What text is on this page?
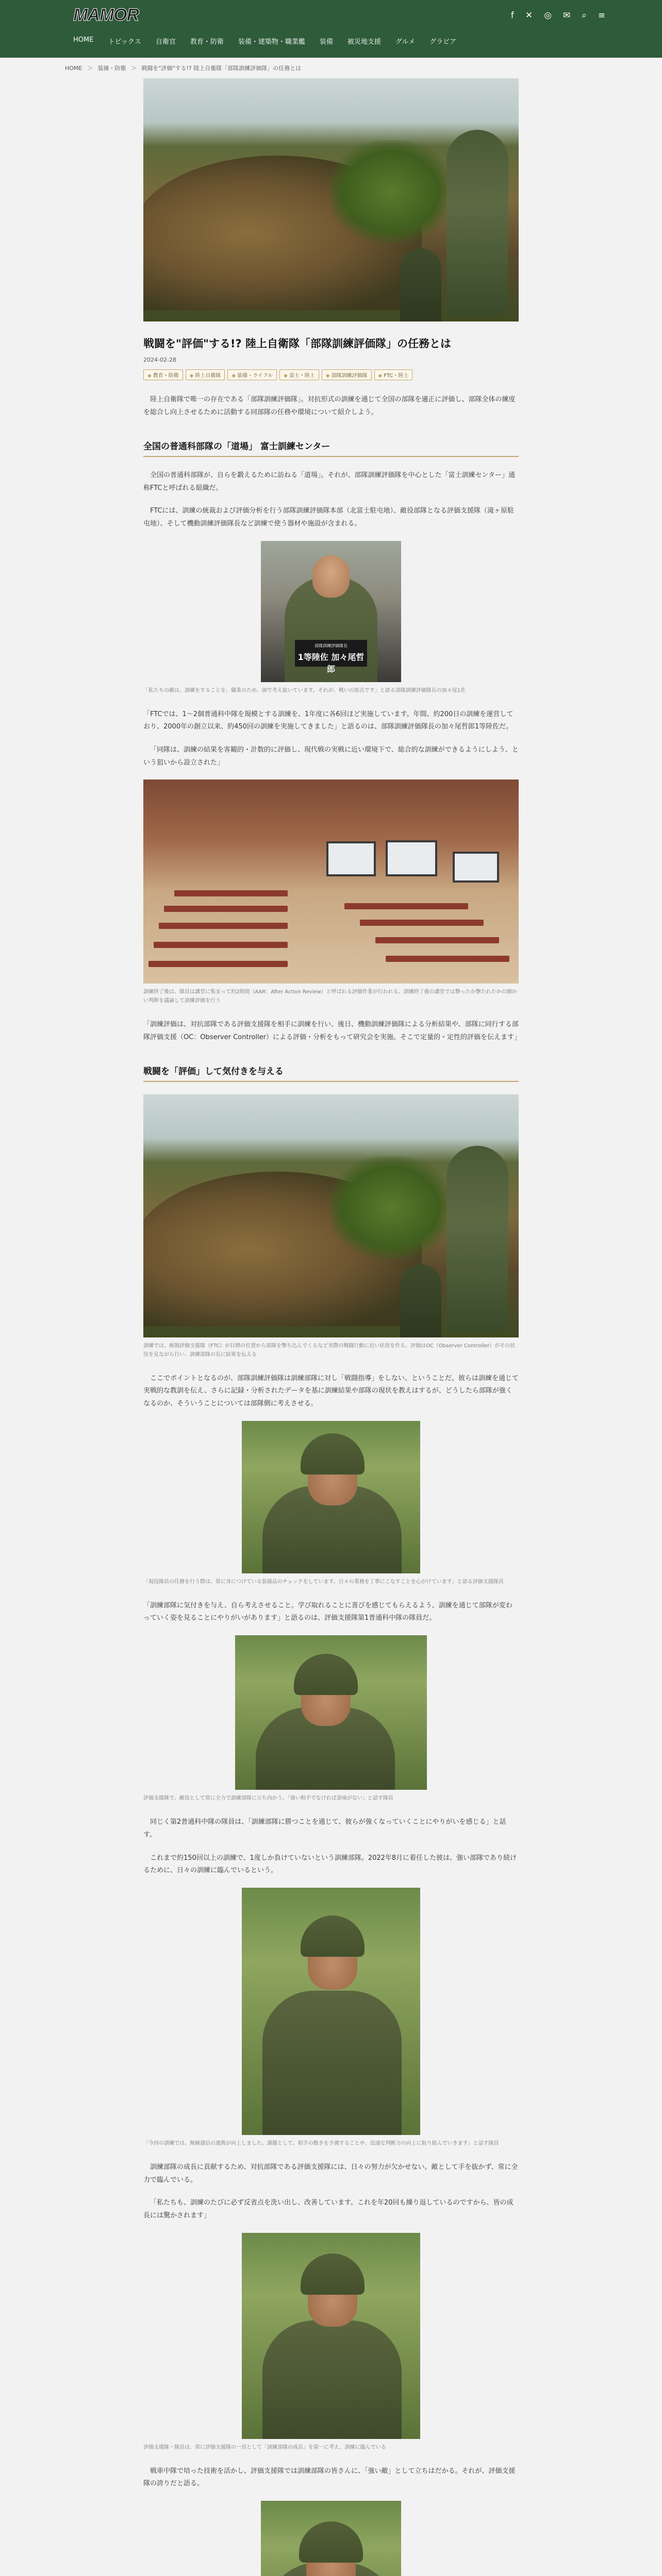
MAMOR	f ✕ ◎ ✉ ⌕ ≡
HOME トピックス 自衛官 教育・防衛 装備・建築物・職業艦 装備 被災地支援 グルメ グラビア
HOME ＞ 装備・防衛 ＞ 戦闘を"評価"する!? 陸上自衛隊「部隊訓練評価隊」の任務とは
戦闘を"評価"する!? 陸上自衛隊「部隊訓練評価隊」の任務とは
2024-02-28
◆ 教育・防衛	◆ 陸上自衛隊	◆ 装備・ライフル	◆ 富士・陸上	◆ 部隊訓練評価隊	◆ FTC・陸上

陸上自衛隊で唯一の存在である「部隊訓練評価隊」。対抗形式の訓練を通じて全国の部隊を適正に評価し、部隊全体の練度を総合し向上させるために活動する同部隊の任務や環境について紹介しよう。

全国の普通科部隊の「道場」 富士訓練センター

全国の普通科部隊が、自らを鍛えるために訪ねる「道場」。それが、部隊訓練評価隊を中心とした「富士訓練センター」通称FTCと呼ばれる組織だ。

FTCには、訓練の統裁および評価分析を行う部隊訓練評価隊本部（北富士駐屯地）、敵役部隊となる評価支援隊（滝ヶ原駐屯地）、そして機動訓練評価隊長など訓練で使う器材や施設が含まれる。

部隊訓練評価隊長
1等陸佐 加々尾哲郎

「私たちの敵は、訓練をすることを、職業のため、頭で考え抜いています。それが、戦いの原点です」と語る部隊訓練評価隊長の加々尾1佐

「FTCでは、1～2個普通科中隊を規模とする訓練を、1年度に各6回ほど実施しています。年間、約200日の訓練を運営しており、2000年の創立以来、約450回の訓練を実施してきました」と語るのは、部隊訓練評価隊長の加々尾哲郎1等陸佐だ。

「同隊は、訓練の結果を客観的・計数的に評価し、現代戦の実戦に近い環境下で、総合的な訓練ができるようにしよう、という狙いから設立された」

訓練終了後は、隊員は講堂に集まって約2時間（AAR：After Action Review）と呼ばれる評価作業が行われる。訓練終了後の講堂では撃ったか撃たれたかの細かい判断を議論して訓練評価を行う

「訓練評価は、対抗部隊である評価支援隊を相手に訓練を行い、後日、機動訓練評価隊による分析結果や、部隊に同行する部隊評価支援（OC：Observer Controller）による評価・分析をもって研究会を実施。そこで定量的・定性的評価を伝えます」

戦闘を「評価」して気付きを与える

訓練では、統制評価支援隊（FTC）が目標の位置から部隊を撃ち込んでくるなど実際の戦闘行動に近い状況を作る。評価はOC（Observer Controller）がその状況を見ながら行い、訓練部隊の長に結果を伝える

ここでポイントとなるのが、部隊訓練評価隊は訓練部隊に対し「戦闘指導」をしない、ということだ。彼らは訓練を通じて実戦的な教訓を伝え、さらに記録・分析されたデータを基に訓練結果や部隊の現状を教えはするが、どうしたら部隊が強くなるのか、そういうことについては部隊側に考えさせる。

「現役隊員の任務を行う際は、常に身につけている装備品のチェックをしています。日々の業務を丁寧にこなすことを心がけています」と語る評価支援隊員

「訓練部隊に気付きを与え、自ら考えさせること。学び取れることに喜びを感じてもらえるよう、訓練を通じて部隊が変わっていく姿を見ることにやりがいがあります」と語るのは、評価支援隊第1普通科中隊の隊員だ。

評価支援隊で、敵役として常に全力で訓練部隊に立ち向かう。「強い相手でなければ意味がない」と話す隊員

同じく第2普通科中隊の隊員は、「訓練部隊に勝つことを通じて、彼らが強くなっていくことにやりがいを感じる」と話す。

これまで約150回以上の訓練で、1度しか負けていないという訓練部隊。2022年8月に着任した彼は、強い部隊であり続けるために、日々の訓練に臨んでいるという。

「今回の訓練では、無線通信の連携が向上しました。課題として、相手の動きを予測することや、迅速な判断力の向上に取り組んでいきます」と話す隊員

訓練部隊の成長に貢献するため、対抗部隊である評価支援隊には、日々の努力が欠かせない。敵として手を抜かず、常に全力で臨んでいる。

「私たちも、訓練のたびに必ず反省点を洗い出し、改善しています。これを年20回も繰り返しているのですから、皆の成長には驚かされます」

評価支援隊・隊員は、常に評価支援隊の一員として「訓練部隊の成長」を第一に考え、訓練に臨んでいる

戦車中隊で培った技術を活かし、評価支援隊では訓練部隊の皆さんに、「強い敵」として立ちはだかる。それが、評価支援隊の誇りだと語る。
